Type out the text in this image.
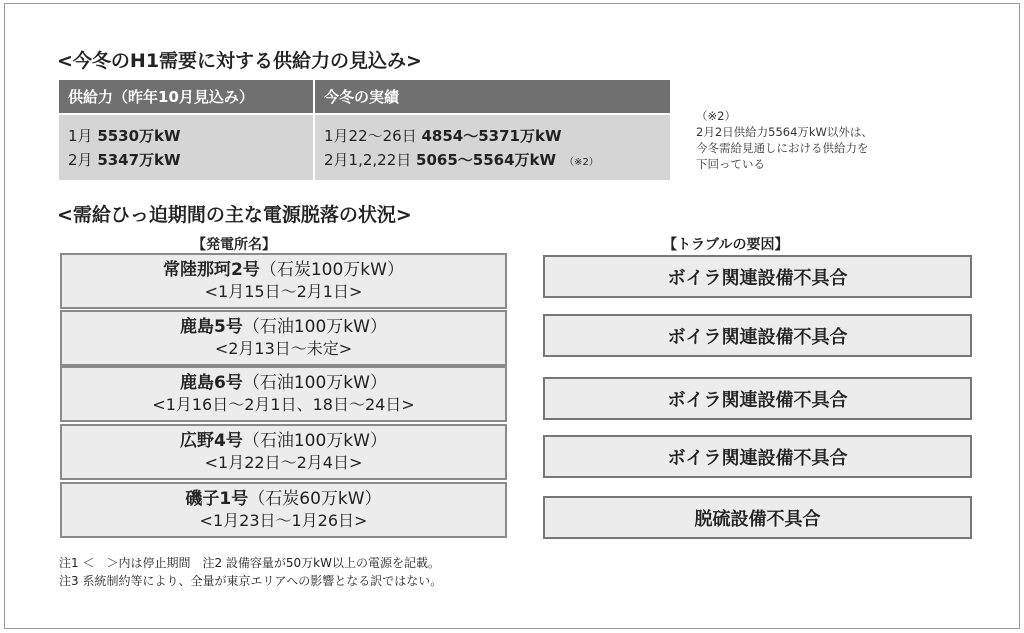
<今冬のH1需要に対する供給力の見込み>
供給力（昨年10月見込み）	今冬の実績
1月 5530万kW
2月 5347万kW
1月22～26日 4854～5371万kW
2月1,2,22日 5065～5564万kW （※2）
（※2）
2月2日供給力5564万kW以外は、
今冬需給見通しにおける供給力を
下回っている
<需給ひっ迫期間の主な電源脱落の状況>
【発電所名】	【トラブルの要因】
常陸那珂2号（石炭100万kW）
<1月15日～2月1日>
鹿島5号（石油100万kW）
<2月13日～未定>
鹿島6号（石油100万kW）
<1月16日～2月1日、18日～24日>
広野4号（石油100万kW）
<1月22日～2月4日>
磯子1号（石炭60万kW）
<1月23日～1月26日>
ボイラ関連設備不具合
ボイラ関連設備不具合
ボイラ関連設備不具合
ボイラ関連設備不具合
脱硫設備不具合
注1 ＜　＞内は停止期間　注2 設備容量が50万kW以上の電源を記載。
注3 系統制約等により、全量が東京エリアへの影響となる訳ではない。
